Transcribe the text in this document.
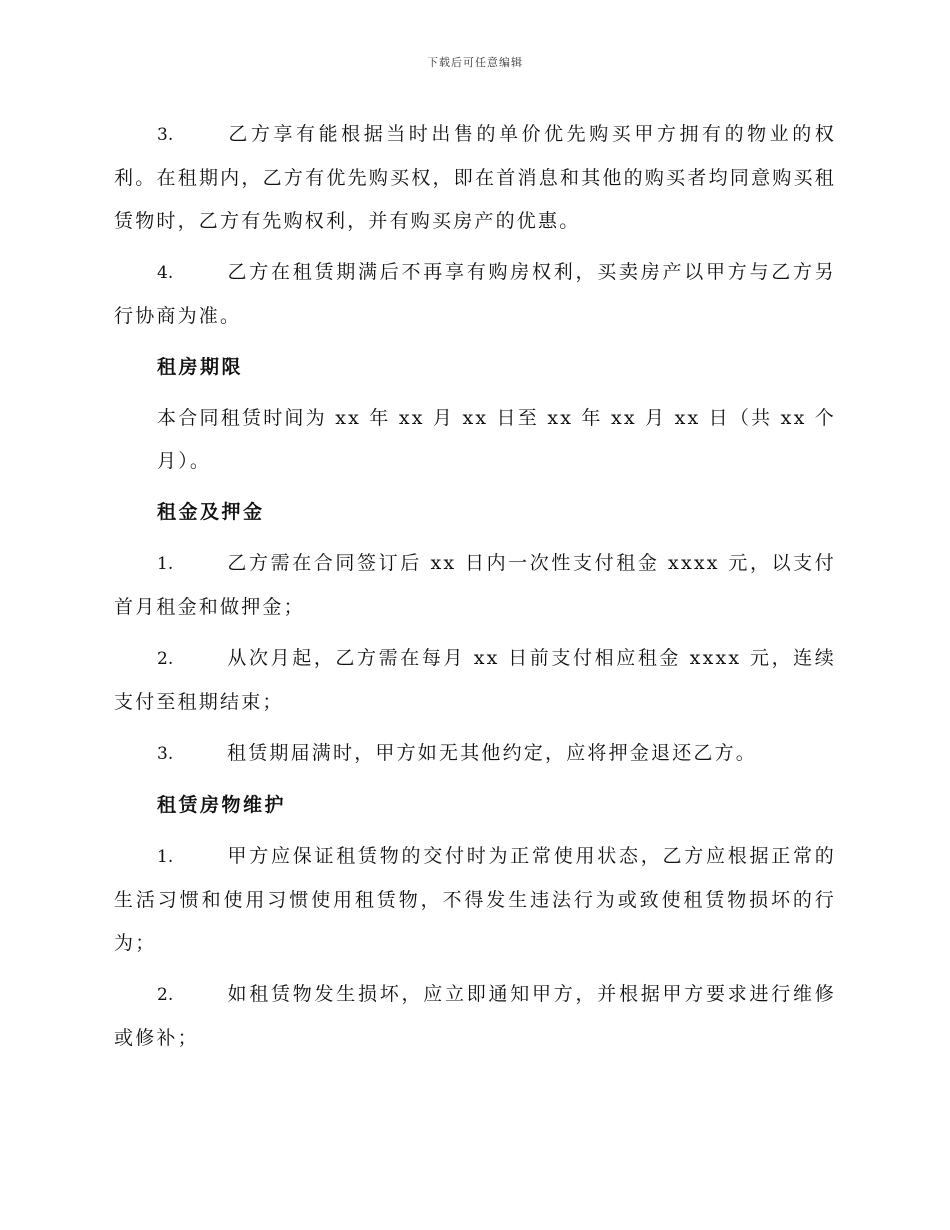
下载后可任意编辑

3.	乙方享有能根据当时出售的单价优先购买甲方拥有的物业的权利。在租期内，乙方有优先购买权，即在首消息和其他的购买者均同意购买租赁物时，乙方有先购权利，并有购买房产的优惠。

4.	乙方在租赁期满后不再享有购房权利，买卖房产以甲方与乙方另行协商为准。

租房期限

本合同租赁时间为 xx 年 xx 月 xx 日至 xx 年 xx 月 xx 日（共 xx 个月）。

租金及押金

1.	乙方需在合同签订后 xx 日内一次性支付租金 xxxx 元，以支付首月租金和做押金；

2.	从次月起，乙方需在每月 xx 日前支付相应租金 xxxx 元，连续支付至租期结束；

3.	租赁期届满时，甲方如无其他约定，应将押金退还乙方。

租赁房物维护

1.	甲方应保证租赁物的交付时为正常使用状态，乙方应根据正常的生活习惯和使用习惯使用租赁物，不得发生违法行为或致使租赁物损坏的行为；

2.	如租赁物发生损坏，应立即通知甲方，并根据甲方要求进行维修或修补；
